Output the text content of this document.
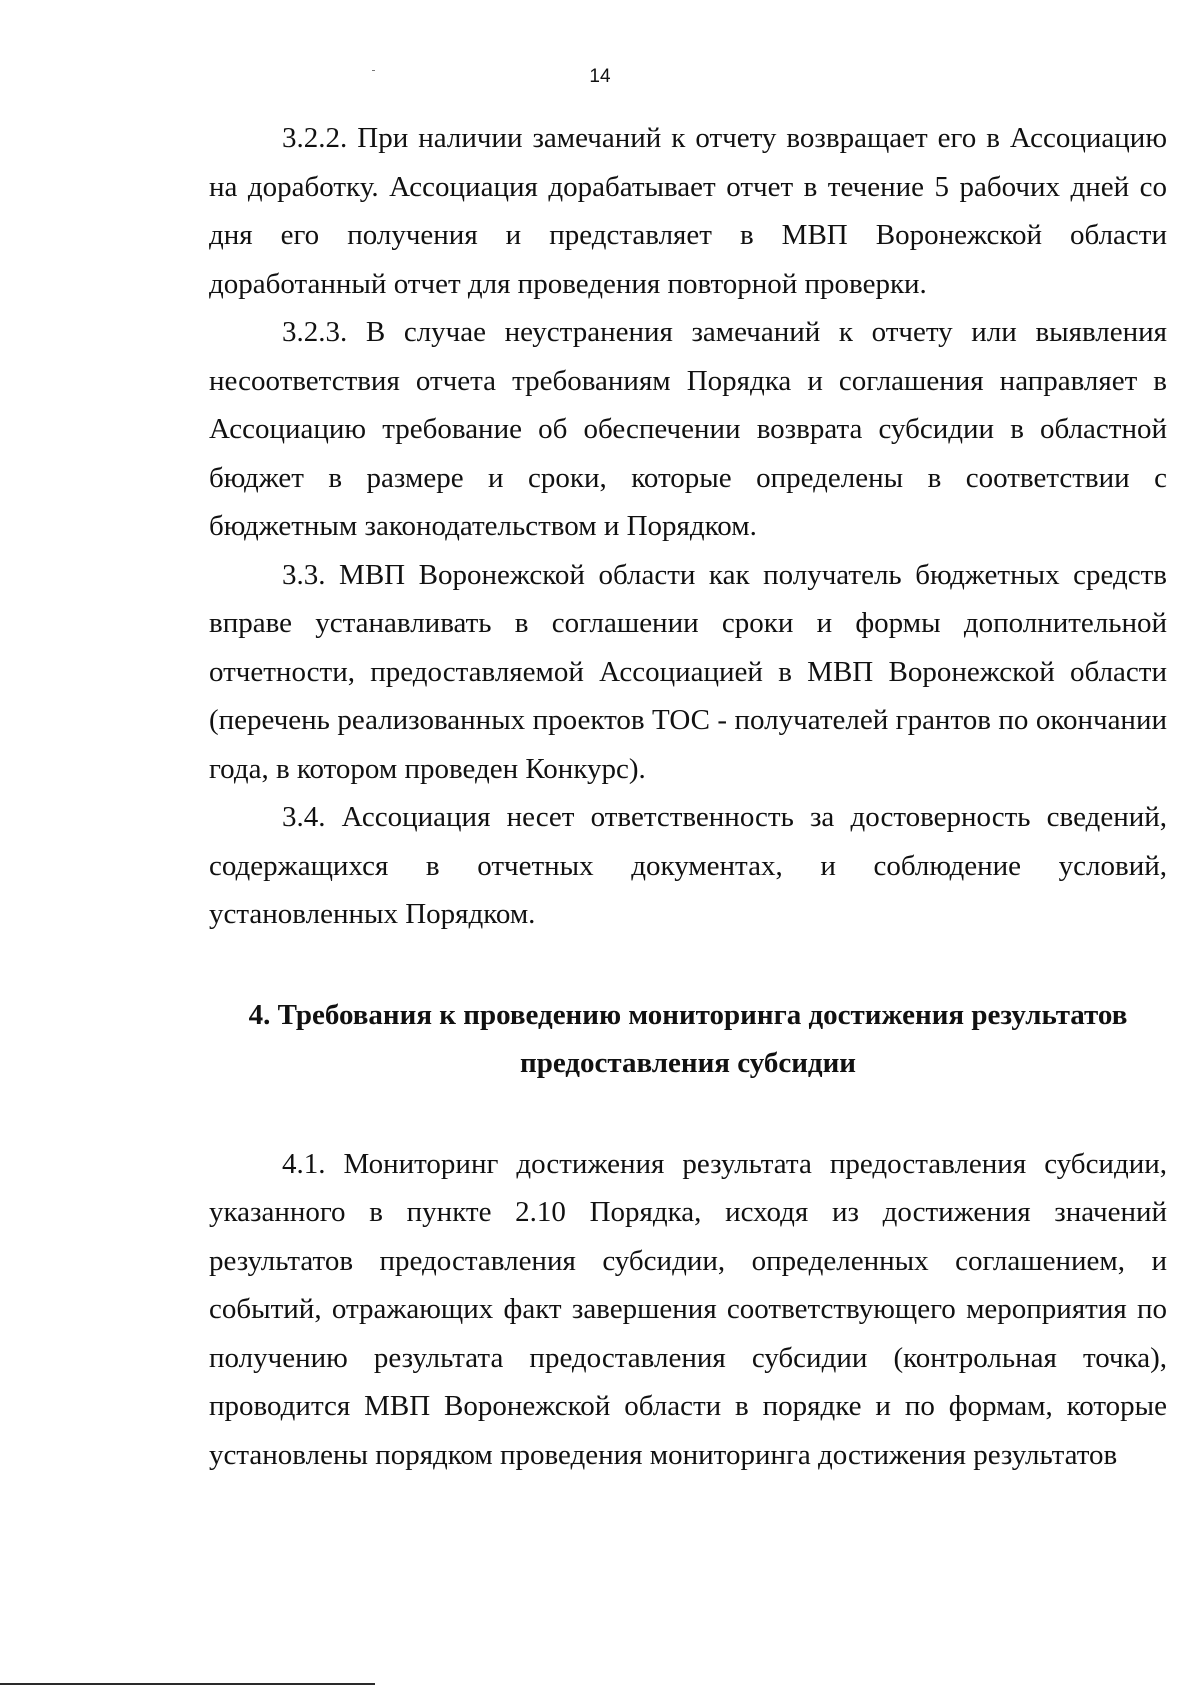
14

3.2.2. При наличии замечаний к отчету возвращает его в Ассоциацию на доработку. Ассоциация дорабатывает отчет в течение 5 рабочих дней со дня его получения и представляет в МВП Воронежской области доработанный отчет для проведения повторной проверки.

3.2.3. В случае неустранения замечаний к отчету или выявления несоответствия отчета требованиям Порядка и соглашения направляет в Ассоциацию требование об обеспечении возврата субсидии в областной бюджет в размере и сроки, которые определены в соответствии с бюджетным законодательством и Порядком.

3.3. МВП Воронежской области как получатель бюджетных средств вправе устанавливать в соглашении сроки и формы дополнительной отчетности, предоставляемой Ассоциацией в МВП Воронежской области (перечень реализованных проектов ТОС - получателей грантов по окончании года, в котором проведен Конкурс).

3.4. Ассоциация несет ответственность за достоверность сведений, содержащихся в отчетных документах, и соблюдение условий, установленных Порядком.

4. Требования к проведению мониторинга достижения результатов
предоставления субсидии

4.1. Мониторинг достижения результата предоставления субсидии, указанного в пункте 2.10 Порядка, исходя из достижения значений результатов предоставления субсидии, определенных соглашением, и событий, отражающих факт завершения соответствующего мероприятия по получению результата предоставления субсидии (контрольная точка), проводится МВП Воронежской области в порядке и по формам, которые установлены порядком проведения мониторинга достижения результатов
